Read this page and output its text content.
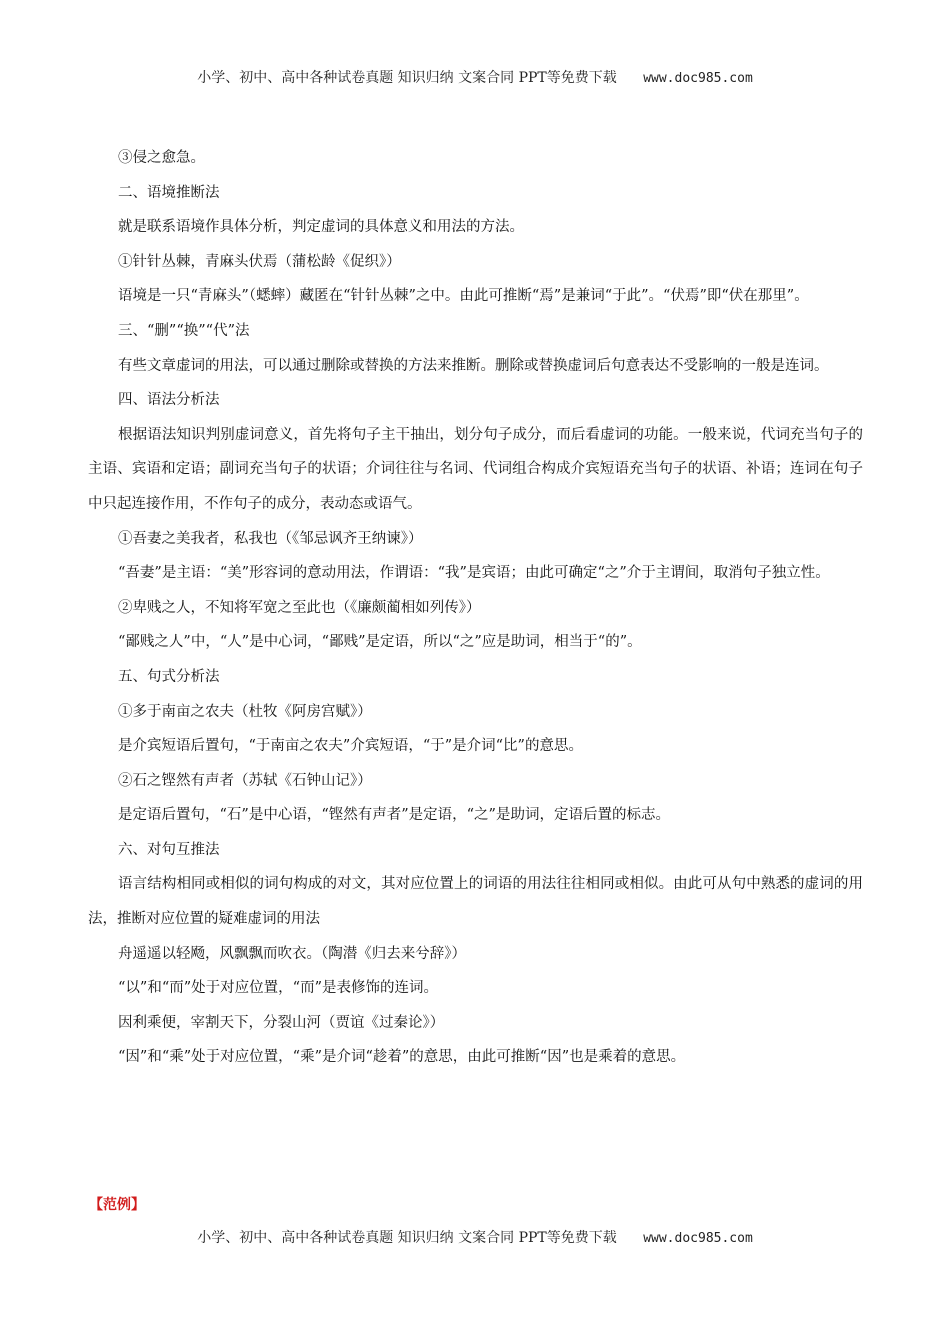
小学、初中、高中各种试卷真题 知识归纳 文案合同 PPT等免费下载 www.doc985.com

③侵之愈急。

二、语境推断法

就是联系语境作具体分析，判定虚词的具体意义和用法的方法。

①针针丛棘，青麻头伏焉（蒲松龄《促织》）

语境是一只“青麻头”（蟋蟀）藏匿在“针针丛棘”之中。由此可推断“焉”是兼词“于此”。“伏焉”即“伏在那里”。

三、“删”“换”“代”法

有些文章虚词的用法，可以通过删除或替换的方法来推断。删除或替换虚词后句意表达不受影响的一般是连词。

四、语法分析法

根据语法知识判别虚词意义，首先将句子主干抽出，划分句子成分，而后看虚词的功能。一般来说，代词充当句子的主语、宾语和定语；副词充当句子的状语；介词往往与名词、代词组合构成介宾短语充当句子的状语、补语；连词在句子中只起连接作用，不作句子的成分，表动态或语气。

①吾妻之美我者，私我也（《邹忌讽齐王纳谏》）

“吾妻”是主语：“美”形容词的意动用法，作谓语：“我”是宾语；由此可确定“之”介于主谓间，取消句子独立性。

②卑贱之人，不知将军宽之至此也（《廉颇蔺相如列传》）

“鄙贱之人”中，“人”是中心词，“鄙贱”是定语，所以“之”应是助词，相当于“的”。

五、句式分析法

①多于南亩之农夫（杜牧《阿房宫赋》）

是介宾短语后置句，“于南亩之农夫”介宾短语，“于”是介词“比”的意思。

②石之铿然有声者（苏轼《石钟山记》）

是定语后置句，“石”是中心语，“铿然有声者”是定语，“之”是助词，定语后置的标志。

六、对句互推法

语言结构相同或相似的词句构成的对文，其对应位置上的词语的用法往往相同或相似。由此可从句中熟悉的虚词的用法，推断对应位置的疑难虚词的用法

舟遥遥以轻飏，风飘飘而吹衣。（陶潜《归去来兮辞》）

“以”和“而”处于对应位置，“而”是表修饰的连词。

因利乘便，宰割天下，分裂山河（贾谊《过秦论》）

“因”和“乘”处于对应位置，“乘”是介词“趁着”的意思，由此可推断“因”也是乘着的意思。

【范例】
小学、初中、高中各种试卷真题 知识归纳 文案合同 PPT等免费下载 www.doc985.com
